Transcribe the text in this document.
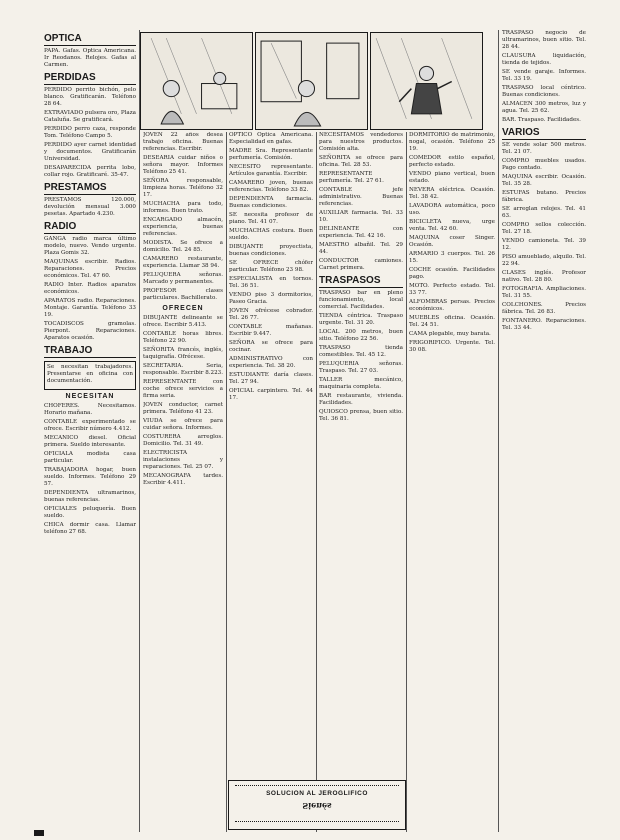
OPTICA

PAPA. Gafas. Optica Americana. Ir Reodanos. Relojes. Gafas al Carmen.

PERDIDAS

PERDIDO perrito bichón, pelo blanco. Gratificarán. Teléfono 28 64.

EXTRAVIADO pulsera oro, Plaza Cataluña. Se gratificará.

PERDIDO perro caza, responde Tom. Teléfono Campo 5.

PERDIDO ayer carnet identidad y documentos. Gratificarán Universidad.

DESAPARECIDA perrita lobo, collar rojo. Gratificaré. 35-47.

PRESTAMOS

PRESTAMOS 120.000, devolución mensual 3.000 pesetas. Apartado 4.230.

RADIO

GANGA radio marca último modelo, nuevo. Vendo urgente. Plaza Gomis 32.

MAQUINAS escribir. Radios. Reparaciones. Precios económicos. Tel. 47 60.

RADIO Inter. Radios aparatos económicos.

APARATOS radio. Reparaciones. Montaje. Garantía. Teléfono 33 19.

TOCADISCOS gramolas. Pierpont. Reparaciones. Aparatos ocasión.

TRABAJO

Se necesitan trabajadores. Presentarse en oficina con documentación.

NECESITAN

CHOFERES. Necesitamos. Horario mañana.

CONTABLE experimentado se ofrece. Escribir número 4.412.

MECANICO diesel. Oficial primera. Sueldo interesante.

OFICIALA modista casa particular.

TRABAJADORA hogar, buen sueldo. Informes. Teléfono 29 57.

DEPENDIENTA ultramarinos, buenas referencias.

OFICIALES peluquería. Buen sueldo.

CHICA dormir casa. Llamar teléfono 27 68.

JOVEN 22 años desea trabajo oficina. Buenas referencias. Escribir.

DESEARIA cuidar niños o señora mayor. Informes Teléfono 25 41.

SEÑORA responsable, limpieza horas. Teléfono 32 17.

MUCHACHA para todo, informes. Buen trato.

ENCARGADO almacén, experiencia, buenas referencias.

MODISTA. Se ofrece a domicilio. Tel. 24 85.

CAMARERO restaurante, experiencia. Llamar 38 94.

PELUQUERA señoras. Marcado y permanentes.

PROFESOR clases particulares. Bachillerato.

OFRECEN

DIBUJANTE delineante se ofrece. Escribir 5.413.

CONTABLE horas libres. Teléfono 22 90.

SEÑORITA francés, inglés, taquigrafía. Ofrécese.

SECRETARIA. Seria, responsable. Escribir 8.223.

REPRESENTANTE con coche ofrece servicios a firma seria.

JOVEN conductor, carnet primera. Teléfono 41 23.

VIUDA se ofrece para cuidar señora. Informes.

COSTURERA arreglos. Domicilio. Tel. 31 49.

ELECTRICISTA instalaciones y reparaciones. Tel. 25 07.

MECANOGRAFA tardes. Escribir 4.411.

OPTICO Optica Americana. Especialidad en gafas.

MADRE Sra. Representante perfumería. Comisión.

NECESITO representante. Artículos garantía. Escribir.

CAMARERO joven, buenas referencias. Teléfono 33 82.

DEPENDIENTA farmacia. Buenas condiciones.

SE necesita profesor de piano. Tel. 41 07.

MUCHACHAS costura. Buen sueldo.

DIBUJANTE proyectista, buenas condiciones.

SE OFRECE chófer particular. Teléfono 23 98.

ESPECIALISTA en tornos. Tel. 36 51.

VENDO piso 3 dormitorios, Paseo Gracia.

JOVEN ofrécese cobrador. Tel. 26 77.

CONTABLE mañanas. Escribir 9.447.

SEÑORA se ofrece para cocinar.

ADMINISTRATIVO con experiencia. Tel. 38 20.

ESTUDIANTE daría clases. Tel. 27 94.

OFICIAL carpintero. Tel. 44 17.

NECESITAMOS vendedores para nuestros productos. Comisión alta.

SEÑORITA se ofrece para oficina. Tel. 28 53.

REPRESENTANTE perfumería. Tel. 27 61.

CONTABLE jefe administrativo. Buenas referencias.

AUXILIAR farmacia. Tel. 33 10.

DELINEANTE con experiencia. Tel. 42 16.

MAESTRO albañil. Tel. 29 44.

CONDUCTOR camiones. Carnet primera.

TRASPASOS

TRASPASO bar en pleno funcionamiento, local comercial. Facilidades.

TIENDA céntrica. Traspaso urgente. Tel. 31 20.

LOCAL 200 metros, buen sitio. Teléfono 22 56.

TRASPASO tienda comestibles. Tel. 45 12.

PELUQUERIA señoras. Traspaso. Tel. 27 03.

TALLER mecánico, maquinaria completa.

BAR restaurante, vivienda. Facilidades.

QUIOSCO prensa, buen sitio. Tel. 36 81.

DORMITORIO de matrimonio, nogal, ocasión. Teléfono 25 19.

COMEDOR estilo español, perfecto estado.

VENDO piano vertical, buen estado.

NEVERA eléctrica. Ocasión. Tel. 38 42.

LAVADORA automática, poco uso.

BICICLETA nueva, urge venta. Tel. 42 60.

MAQUINA coser Singer. Ocasión.

ARMARIO 3 cuerpos. Tel. 26 15.

COCHE ocasión. Facilidades pago.

MOTO. Perfecto estado. Tel. 33 77.

ALFOMBRAS persas. Precios económicos.

MUEBLES oficina. Ocasión. Tel. 24 51.

CAMA plegable, muy barata.

FRIGORIFICO. Urgente. Tel. 30 08.

TRASPASO negocio de ultramarinos, buen sitio. Tel. 28 44.

CLAUSURA liquidación, tienda de tejidos.

SE vende garaje. Informes. Tel. 33 19.

TRASPASO local céntrico. Buenas condiciones.

ALMACEN 300 metros, luz y agua. Tel. 25 62.

BAR. Traspaso. Facilidades.

VARIOS

SE vende solar 500 metros. Tel. 21 07.

COMPRO muebles usados. Pago contado.

MAQUINA escribir. Ocasión. Tel. 35 28.

ESTUFAS butano. Precios fábrica.

SE arreglan relojes. Tel. 41 63.

COMPRO sellos colección. Tel. 27 18.

VENDO camioneta. Tel. 39 12.

PISO amueblado, alquilo. Tel. 22 94.

CLASES inglés. Profesor nativo. Tel. 28 80.

FOTOGRAFIA. Ampliaciones. Tel. 31 55.

COLCHONES. Precios fábrica. Tel. 26 83.

FONTANERO. Reparaciones. Tel. 33 44.

SOLUCION AL JEROGLIFICO
Sienés
